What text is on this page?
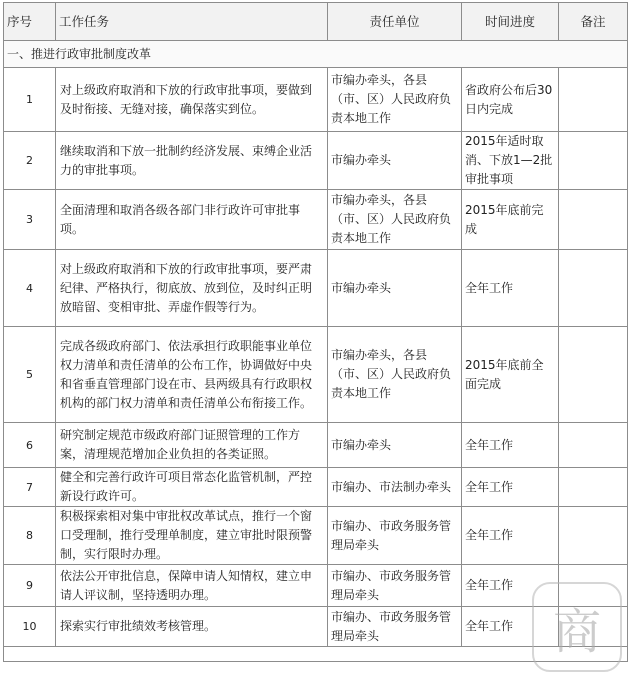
序号	工作任务	责任单位	时间进度	备注
一、推进行政审批制度改革				
1	对上级政府取消和下放的行政审批事项，要做到及时衔接、无缝对接，确保落实到位。	市编办牵头，各县（市、区）人民政府负责本地工作	省政府公布后30日内完成	
2	继续取消和下放一批制约经济发展、束缚企业活力的审批事项。	市编办牵头	2015年适时取消、下放1—2批审批事项	
3	全面清理和取消各级各部门非行政许可审批事项。	市编办牵头，各县（市、区）人民政府负责本地工作	2015年底前完成	
4	对上级政府取消和下放的行政审批事项，要严肃纪律、严格执行，彻底放、放到位，及时纠正明放暗留、变相审批、弄虚作假等行为。	市编办牵头	全年工作	
5	完成各级政府部门、依法承担行政职能事业单位权力清单和责任清单的公布工作，协调做好中央和省垂直管理部门设在市、县两级具有行政职权机构的部门权力清单和责任清单公布衔接工作。	市编办牵头，各县（市、区）人民政府负责本地工作	2015年底前全面完成	
6	研究制定规范市级政府部门证照管理的工作方案，清理规范增加企业负担的各类证照。	市编办牵头	全年工作	
7	健全和完善行政许可项目常态化监管机制，严控新设行政许可。	市编办、市法制办牵头	全年工作	
8	积极探索相对集中审批权改革试点，推行一个窗口受理制，推行受理单制度，建立审批时限预警制，实行限时办理。	市编办、市政务服务管理局牵头	全年工作	
9	依法公开审批信息，保障申请人知情权，建立申请人评议制，坚持透明办理。	市编办、市政务服务管理局牵头	全年工作	
10	探索实行审批绩效考核管理。	市编办、市政务服务管理局牵头	全年工作	商
